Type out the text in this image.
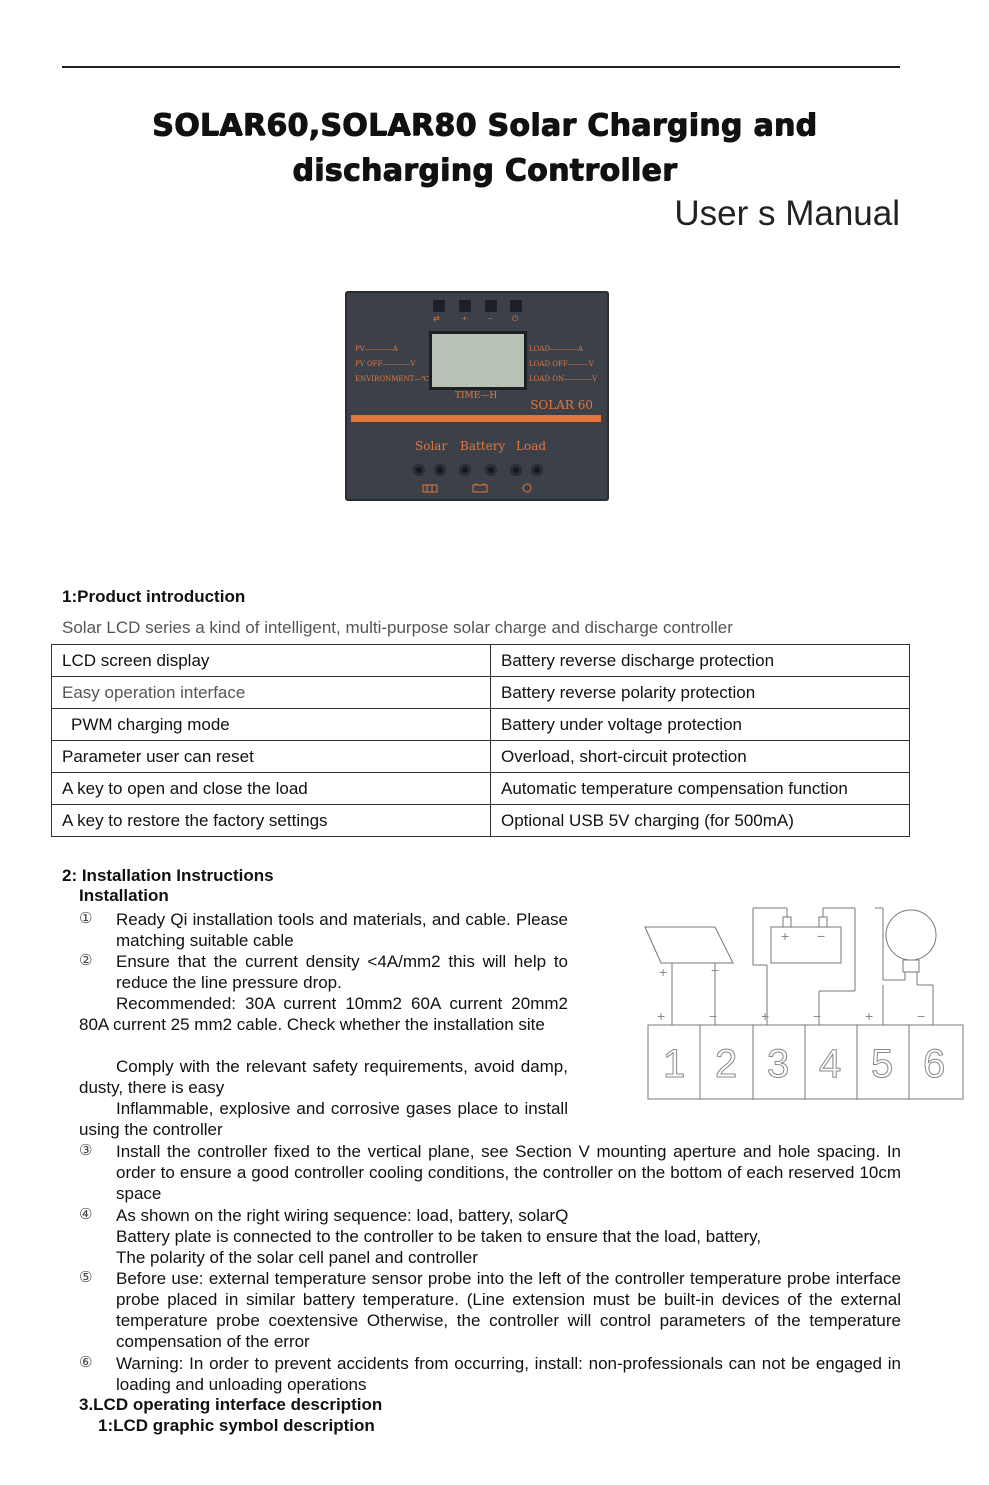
SOLAR60,SOLAR80 Solar Charging and
discharging Controller
User s Manual
⇄	+	− ⏻
PV————A
PV OFF————V
ENVIRONMENT—℃
LOAD————A
LOAD OFF———V
LOAD ON————V
TIME—H
SOLAR 60
Solar Battery Load
1:Product introduction
Solar LCD series a kind of intelligent, multi-purpose solar charge and discharge controller
LCD screen display	Battery reverse discharge protection
Easy operation interface	Battery reverse polarity protection
PWM charging mode	Battery under voltage protection
Parameter user can reset	Overload, short-circuit protection
A key to open and close the load	Automatic temperature compensation function
A key to restore the factory settings	Optional USB 5V charging (for 500mA)
2: Installation Instructions
Installation
① Ready Qi installation tools and materials, and cable. Please matching suitable cable
② Ensure that the current density <4A/mm2 this will help to reduce the line pressure drop.
Recommended: 30A current 10mm2 60A current 20mm2 80A current 25 mm2 cable. Check whether the installation site
Comply with the relevant safety requirements, avoid damp, dusty, there is easy
Inflammable, explosive and corrosive gases place to install using the controller
③ Install the controller fixed to the vertical plane, see Section V mounting aperture and hole spacing. In order to ensure a good controller cooling conditions, the controller on the bottom of each reserved 10cm space
④ As shown on the right wiring sequence: load, battery, solarQ
Battery plate is connected to the controller to be taken to ensure that the load, battery,
The polarity of the solar cell panel and controller
⑤ Before use: external temperature sensor probe into the left of the controller temperature probe interface probe placed in similar battery temperature. (Line extension must be built-in devices of the external temperature probe coextensive Otherwise, the controller will control parameters of the temperature compensation of the error
⑥ Warning: In order to prevent accidents from occurring, install: non-professionals can not be engaged in loading and unloading operations
3.LCD operating interface description
1:LCD graphic symbol description
+	−
+ −
+	−	+	−	+	−
1 2 3 4 5 6
